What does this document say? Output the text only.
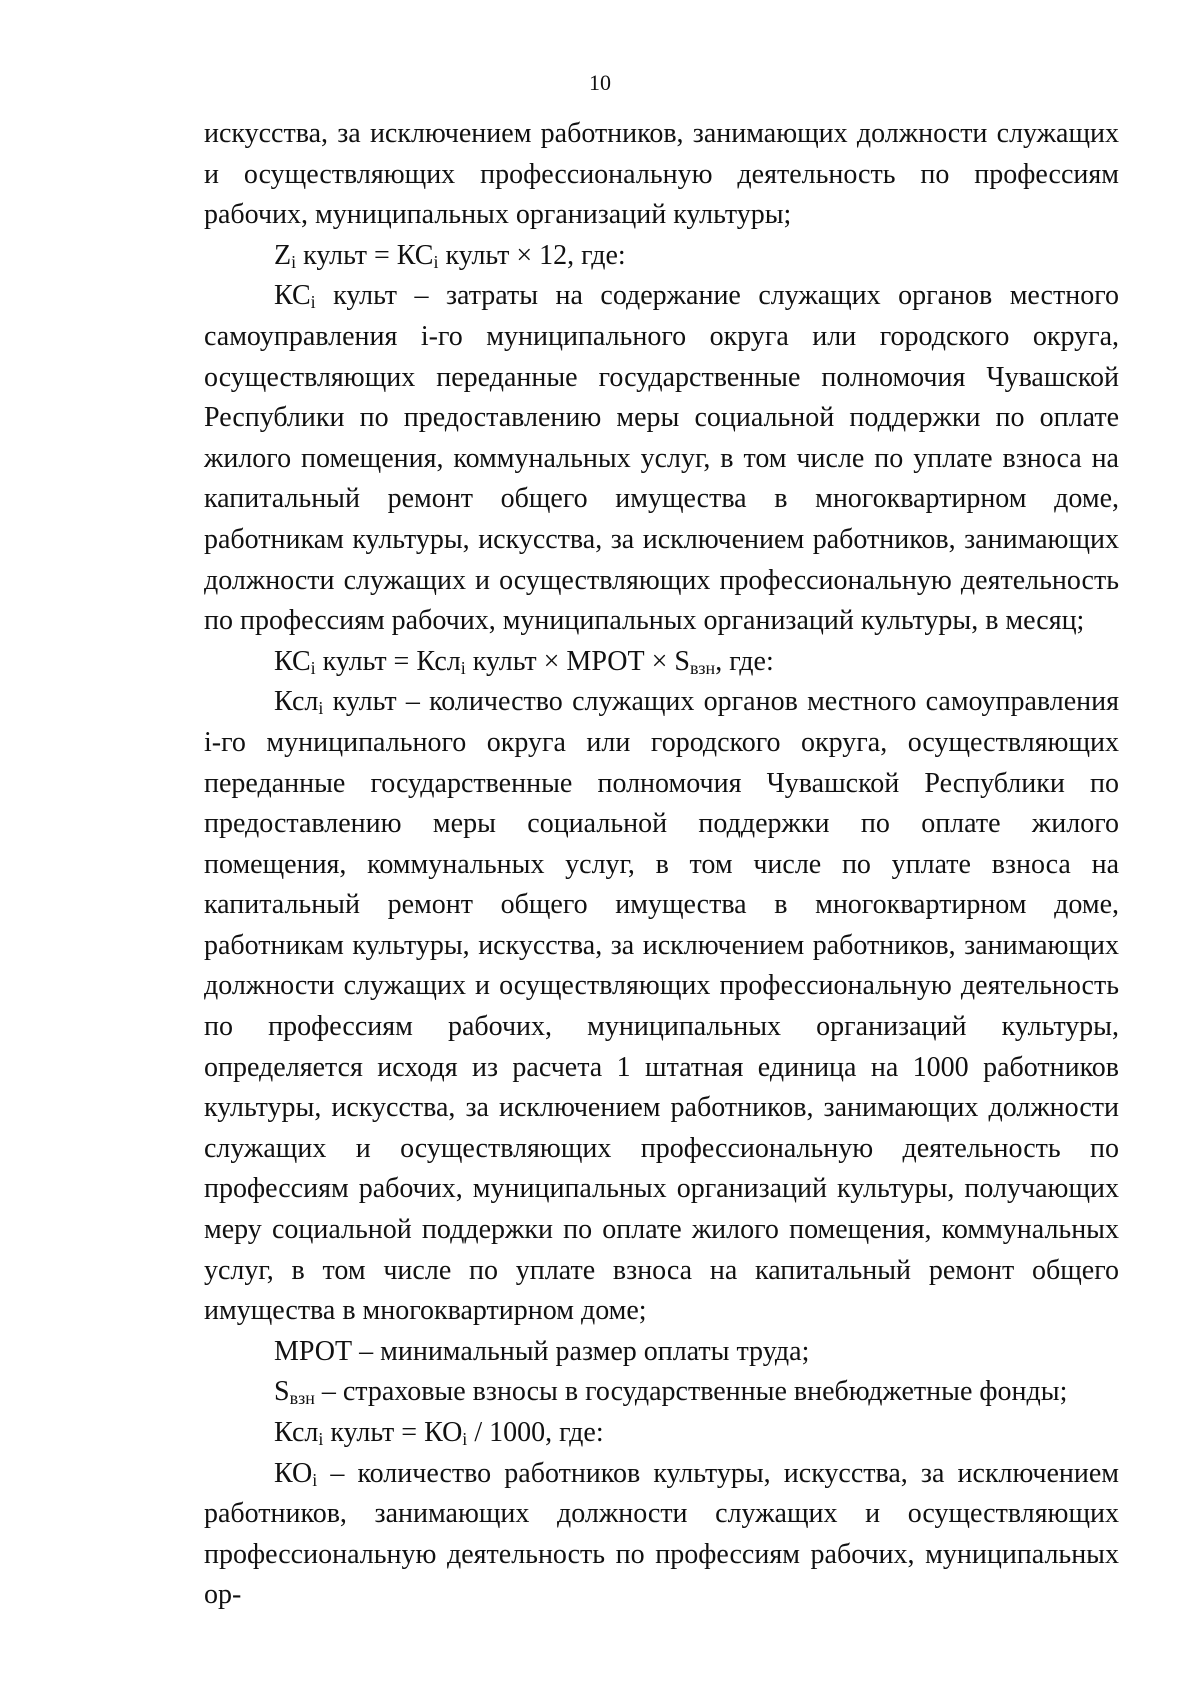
10

искусства, за исключением работников, занимающих должности служащих и осуществляющих профессиональную деятельность по профессиям рабочих, муниципальных организаций культуры;

$Z_i$ культ = $КС_i$ культ × 12, где:

$КС_i$ культ – затраты на содержание служащих органов местного самоуправления i-го муниципального округа или городского округа, осуществляющих переданные государственные полномочия Чувашской Республики по предоставлению меры социальной поддержки по оплате жилого помещения, коммунальных услуг, в том числе по уплате взноса на капитальный ремонт общего имущества в многоквартирном доме, работникам культуры, искусства, за исключением работников, занимающих должности служащих и осуществляющих профессиональную деятельность по профессиям рабочих, муниципальных организаций культуры, в месяц;

$КС_i$ культ = Ксл$_i$ культ × МРОТ × $S_{взн}$, где:

Ксл$_i$ культ – количество служащих органов местного самоуправления i-го муниципального округа или городского округа, осуществляющих переданные государственные полномочия Чувашской Республики по предоставлению меры социальной поддержки по оплате жилого помещения, коммунальных услуг, в том числе по уплате взноса на капитальный ремонт общего имущества в многоквартирном доме, работникам культуры, искусства, за исключением работников, занимающих должности служащих и осуществляющих профессиональную деятельность по профессиям рабочих, муниципальных организаций культуры, определяется исходя из расчета 1 штатная единица на 1000 работников культуры, искусства, за исключением работников, занимающих должности служащих и осуществляющих профессиональную деятельность по профессиям рабочих, муниципальных организаций культуры, получающих меру социальной поддержки по оплате жилого помещения, коммунальных услуг, в том числе по уплате взноса на капитальный ремонт общего имущества в многоквартирном доме;

МРОТ – минимальный размер оплаты труда;

$S_{взн}$ – страховые взносы в государственные внебюджетные фонды;

Ксл$_i$ культ = $КО_i / 1000$, где:

$КО_i$ – количество работников культуры, искусства, за исключением работников, занимающих должности служащих и осуществляющих профессиональную деятельность по профессиям рабочих, муниципальных ор-
